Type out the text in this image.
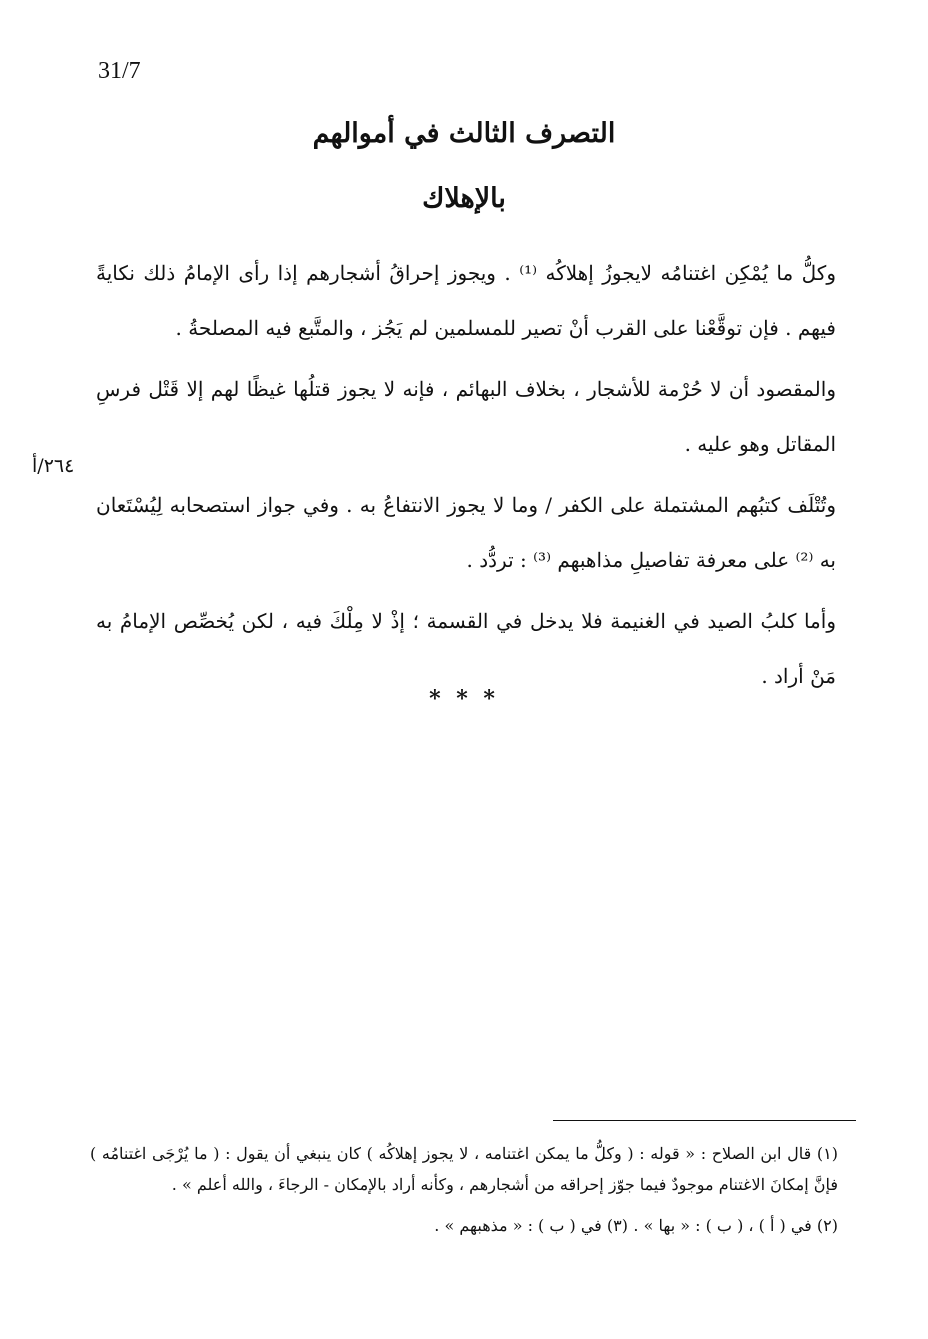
31/7
التصرف الثالث في أموالهم
بالإهلاك

وكلُّ ما يُمْكِن اغتنامُه لايجوزُ إهلاكُه ⁽¹⁾ . ويجوز إحراقُ أشجارهم إذا رأى الإمامُ ذلك نكايةً فيهم . فإن توقَّعْنا على القرب أنْ تصير للمسلمين لم يَجُز ، والمتَّبع فيه المصلحةُ .

والمقصود أن لا حُرْمة للأشجار ، بخلاف البهائم ، فإنه لا يجوز قتلُها غيظًا لهم إلا قَتْل فرسِ المقاتل وهو عليه .

وتُتْلَف كتبُهم المشتملة على الكفر / وما لا يجوز الانتفاعُ به . وفي جواز استصحابه لِيُسْتَعان به ⁽²⁾ على معرفة تفاصيلِ مذاهبهم ⁽³⁾ : تردُّد .

وأما كلبُ الصيد في الغنيمة فلا يدخل في القسمة ؛ إذْ لا مِلْكَ فيه ، لكن يُخصِّص الإمامُ به مَنْ أراد .

٢٦٤/أ
* * *
(١) قال ابن الصلاح : « قوله : ( وكلُّ ما يمكن اغتنامه ، لا يجوز إهلاكُه ) كان ينبغي أن يقول : ( ما يُرْجَى اغتنامُه ) فإنَّ إمكانَ الاغتنام موجودٌ فيما جوّز إحراقه من أشجارهم ، وكأنه أراد بالإمكان - الرجاءَ ، والله أعلم » .
(٢) في ( أ ) ، ( ب ) : « بها » .
(٣) في ( ب ) : « مذهبهم » .
